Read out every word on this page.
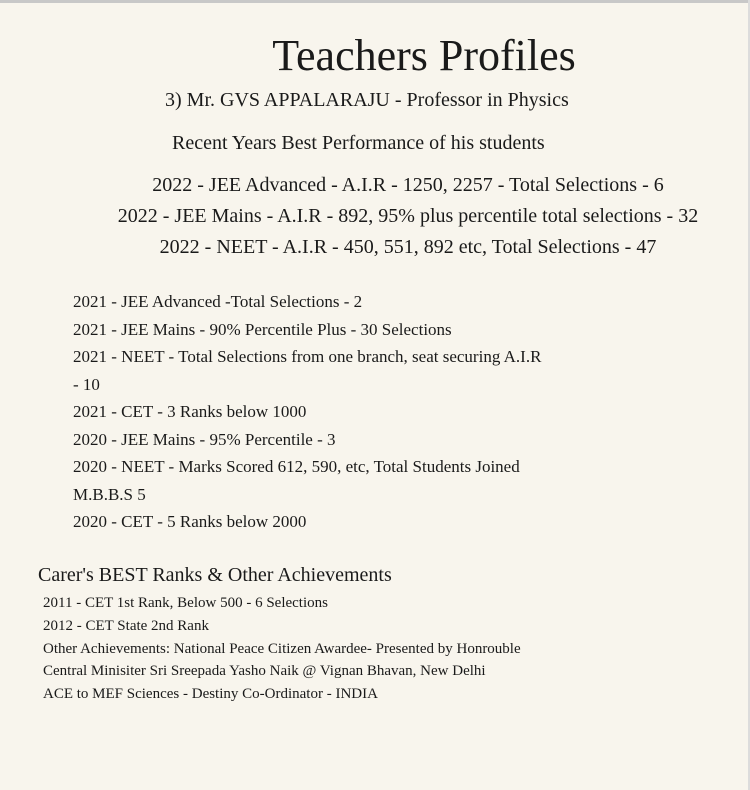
Teachers Profiles
3) Mr. GVS APPALARAJU - Professor in Physics
Recent Years Best Performance of his students
2022 - JEE Advanced - A.I.R - 1250, 2257 - Total Selections - 6
2022 - JEE Mains - A.I.R - 892, 95% plus percentile total selections - 32
2022 - NEET - A.I.R - 450, 551, 892 etc, Total Selections - 47
2021 - JEE Advanced -Total Selections - 2
2021 - JEE Mains - 90% Percentile Plus - 30 Selections
2021 - NEET - Total Selections from one branch, seat securing A.I.R
- 10
2021 - CET - 3 Ranks below 1000
2020 - JEE Mains - 95% Percentile - 3
2020 - NEET - Marks Scored 612, 590, etc, Total Students Joined
M.B.B.S 5
2020 - CET - 5 Ranks below 2000
Carer's BEST Ranks & Other Achievements
2011 - CET 1st Rank, Below 500 - 6 Selections
2012 - CET State 2nd Rank
Other Achievements: National Peace Citizen Awardee- Presented by Honrouble
Central Minisiter Sri Sreepada Yasho Naik @ Vignan Bhavan, New Delhi
ACE to MEF Sciences - Destiny Co-Ordinator - INDIA
